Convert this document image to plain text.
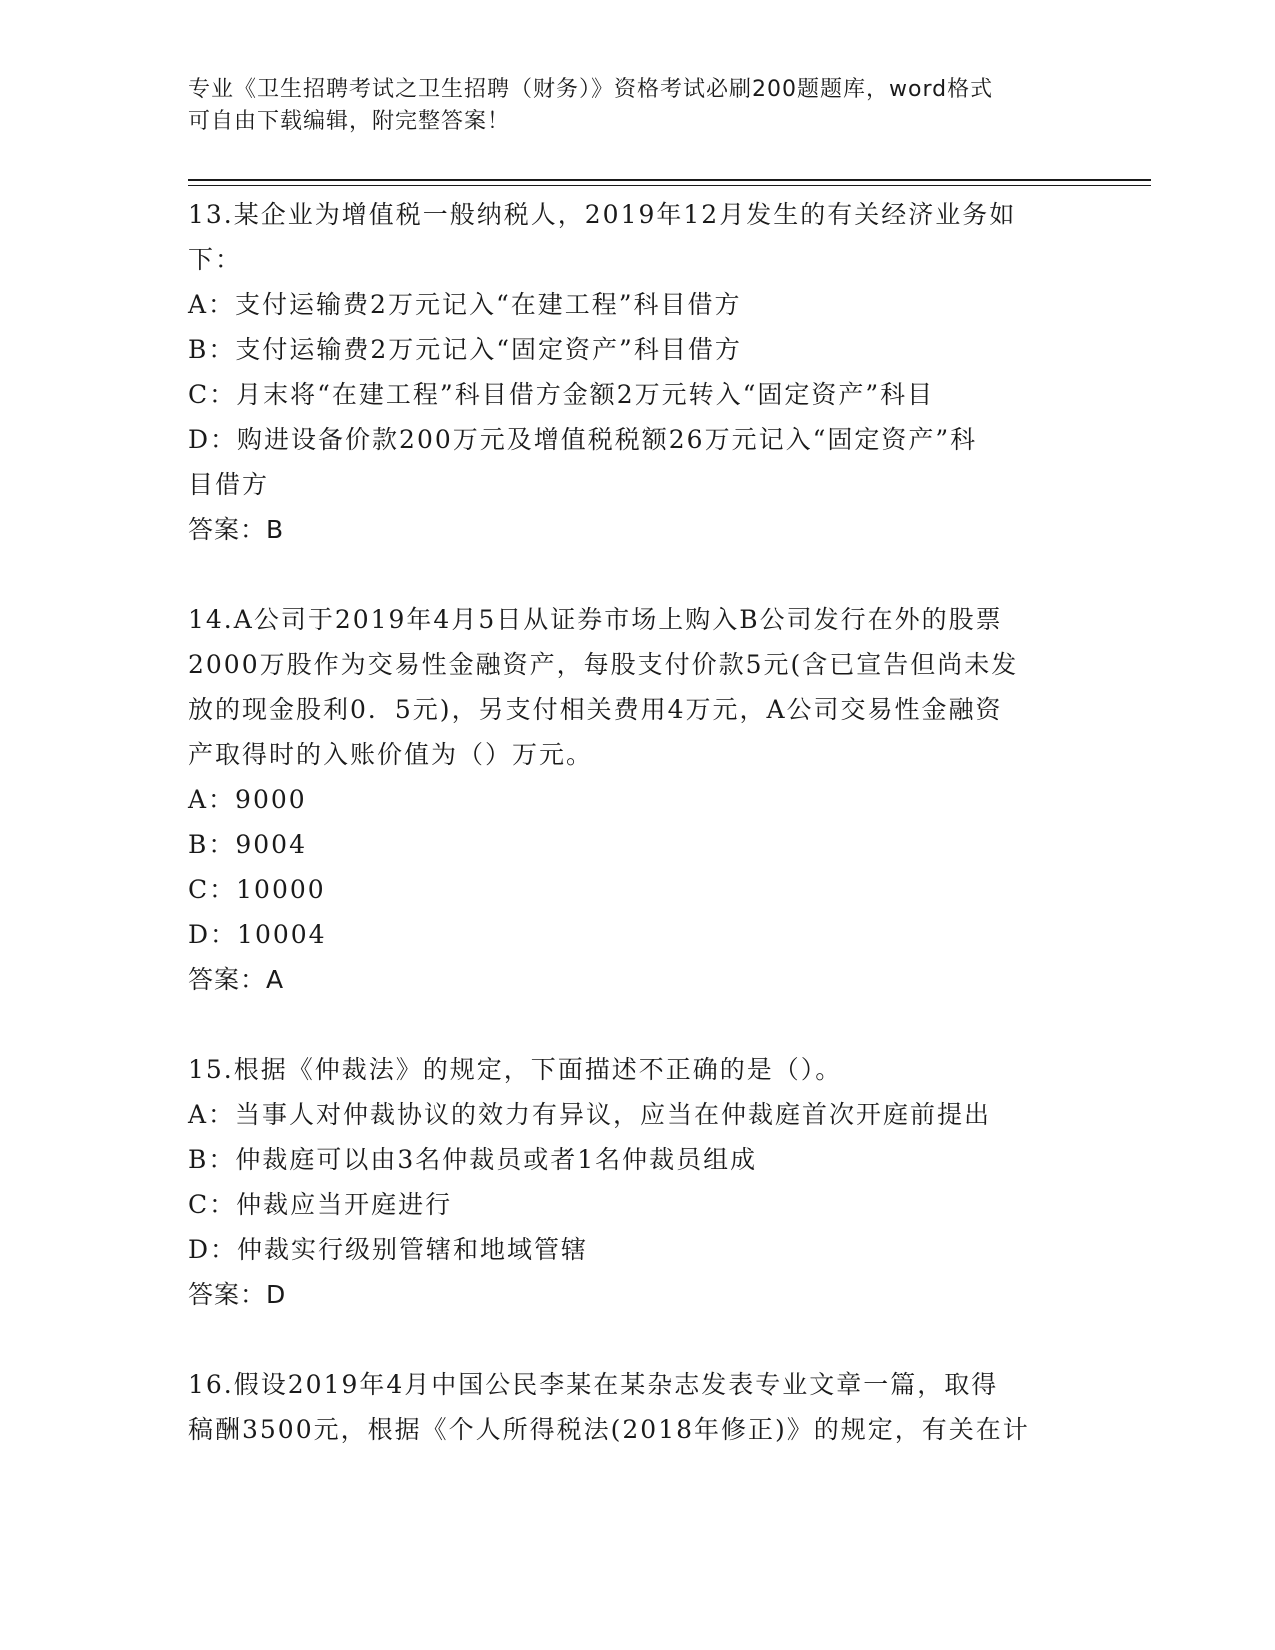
专业《卫生招聘考试之卫生招聘（财务）》资格考试必刷200题题库，word格式
可自由下载编辑，附完整答案！

13.某企业为增值税一般纳税人，2019年12月发生的有关经济业务如

下：

A：支付运输费2万元记入“在建工程”科目借方

B：支付运输费2万元记入“固定资产”科目借方

C：月末将“在建工程”科目借方金额2万元转入“固定资产”科目

D：购进设备价款200万元及增值税税额26万元记入“固定资产”科

目借方

答案：B

14.A公司于2019年4月5日从证券市场上购入B公司发行在外的股票

2000万股作为交易性金融资产，每股支付价款5元(含已宣告但尚未发

放的现金股利0．5元)，另支付相关费用4万元，A公司交易性金融资

产取得时的入账价值为（）万元。

A：9000

B：9004

C：10000

D：10004

答案：A

15.根据《仲裁法》的规定，下面描述不正确的是（）。

A：当事人对仲裁协议的效力有异议，应当在仲裁庭首次开庭前提出

B：仲裁庭可以由3名仲裁员或者1名仲裁员组成

C：仲裁应当开庭进行

D：仲裁实行级别管辖和地域管辖

答案：D

16.假设2019年4月中国公民李某在某杂志发表专业文章一篇，取得

稿酬3500元，根据《个人所得税法(2018年修正)》的规定，有关在计
